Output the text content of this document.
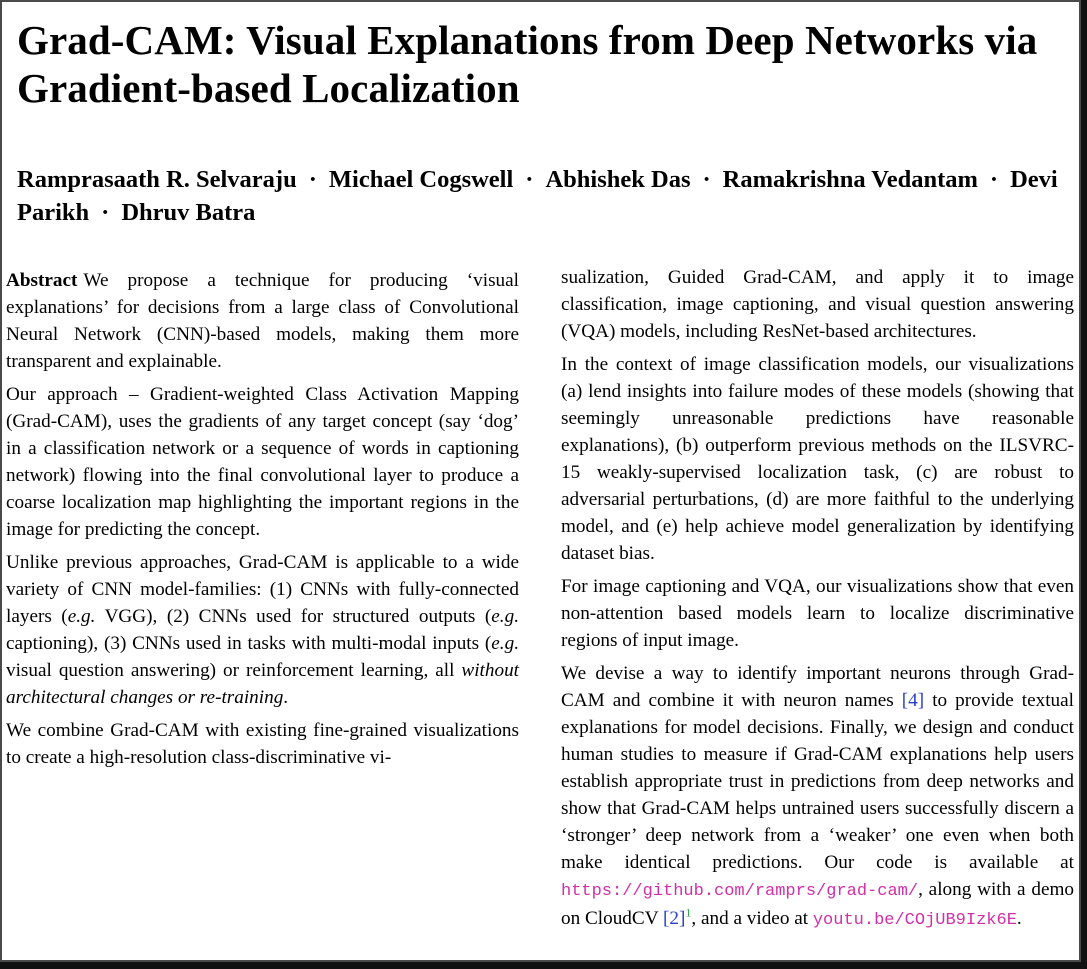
Grad-CAM: Visual Explanations from Deep Networks via Gradient-based Localization
Ramprasaath R. Selvaraju · Michael Cogswell · Abhishek Das · Ramakrishna Vedantam · Devi Parikh · Dhruv Batra

Abstract We propose a technique for producing ‘visual explanations’ for decisions from a large class of Convolutional Neural Network (CNN)-based models, making them more transparent and explainable.

Our approach – Gradient-weighted Class Activation Mapping (Grad-CAM), uses the gradients of any target concept (say ‘dog’ in a classification network or a sequence of words in captioning network) flowing into the final convolutional layer to produce a coarse localization map highlighting the important regions in the image for predicting the concept.

Unlike previous approaches, Grad-CAM is applicable to a wide variety of CNN model-families: (1) CNNs with fully-connected layers (e.g. VGG), (2) CNNs used for structured outputs (e.g. captioning), (3) CNNs used in tasks with multi-modal inputs (e.g. visual question answering) or reinforcement learning, all without architectural changes or re-training.

We combine Grad-CAM with existing fine-grained visualizations to create a high-resolution class-discriminative vi-

sualization, Guided Grad-CAM, and apply it to image classification, image captioning, and visual question answering (VQA) models, including ResNet-based architectures.

In the context of image classification models, our visualizations (a) lend insights into failure modes of these models (showing that seemingly unreasonable predictions have reasonable explanations), (b) outperform previous methods on the ILSVRC-15 weakly-supervised localization task, (c) are robust to adversarial perturbations, (d) are more faithful to the underlying model, and (e) help achieve model generalization by identifying dataset bias.

For image captioning and VQA, our visualizations show that even non-attention based models learn to localize discriminative regions of input image.

We devise a way to identify important neurons through Grad-CAM and combine it with neuron names [4] to provide textual explanations for model decisions. Finally, we design and conduct human studies to measure if Grad-CAM explanations help users establish appropriate trust in predictions from deep networks and show that Grad-CAM helps untrained users successfully discern a ‘stronger’ deep network from a ‘weaker’ one even when both make identical predictions. Our code is available at https://github.com/ramprs/grad-cam/, along with a demo on CloudCV [2]$^1$, and a video at youtu.be/COjUB9Izk6E.
